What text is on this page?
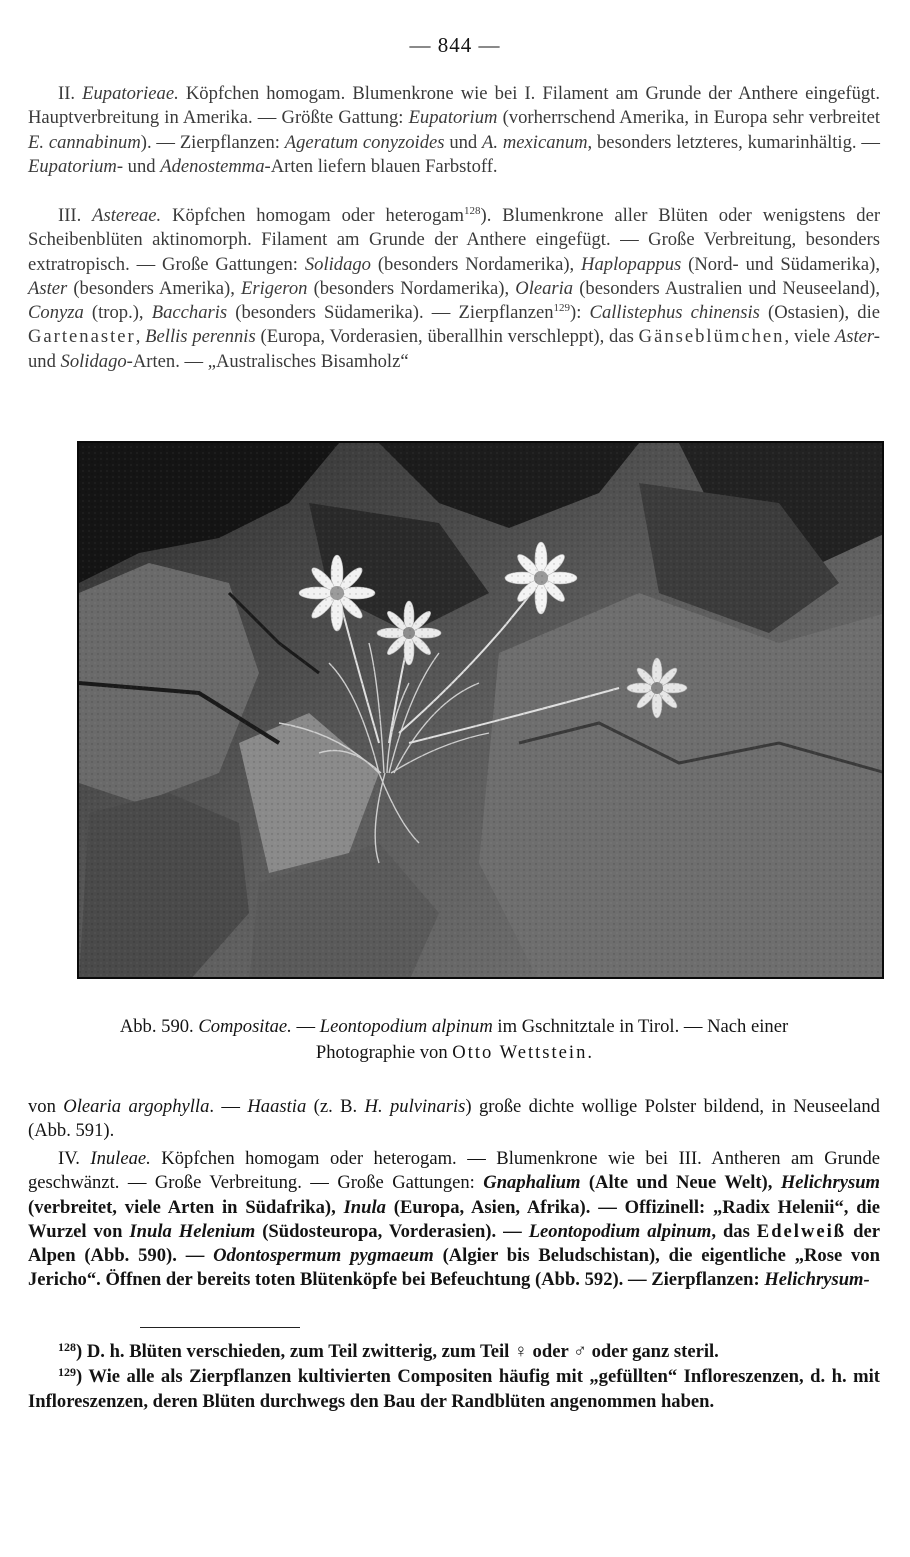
— 844 —

II. Eupatorieae. Köpfchen homogam. Blumenkrone wie bei I. Filament am Grunde der Anthere eingefügt. Hauptverbreitung in Amerika. — Größte Gattung: Eupatorium (vorherrschend Amerika, in Europa sehr verbreitet E. cannabinum). — Zierpflanzen: Ageratum conyzoides und A. mexicanum, besonders letzteres, kumarinhältig. — Eupatorium- und Adenostemma-Arten liefern blauen Farbstoff.

III. Astereae. Köpfchen homogam oder heterogam$^{128}$). Blumenkrone aller Blüten oder wenigstens der Scheibenblüten aktinomorph. Filament am Grunde der Anthere eingefügt. — Große Verbreitung, besonders extratropisch. — Große Gattungen: Solidago (besonders Nordamerika), Haplopappus (Nord- und Südamerika), Aster (besonders Amerika), Erigeron (besonders Nordamerika), Olearia (besonders Australien und Neuseeland), Conyza (trop.), Baccharis (besonders Südamerika). — Zierpflanzen$^{129}$): Callistephus chinensis (Ostasien), die Gartenaster, Bellis perennis (Europa, Vorderasien, überallhin verschleppt), das Gänseblümchen, viele Aster- und Solidago-Arten. — „Australisches Bisamholz“

Abb. 590. Compositae. — Leontopodium alpinum im Gschnitztale in Tirol. — Nach einer
Photographie von Otto Wettstein.

von Olearia argophylla. — Haastia (z. B. H. pulvinaris) große dichte wollige Polster bildend, in Neuseeland (Abb. 591).

IV. Inuleae. Köpfchen homogam oder heterogam. — Blumenkrone wie bei III. Antheren am Grunde geschwänzt. — Große Verbreitung. — Große Gattungen: Gnaphalium (Alte und Neue Welt), Helichrysum (verbreitet, viele Arten in Südafrika), Inula (Europa, Asien, Afrika). — Offizinell: „Radix Helenii“, die Wurzel von Inula Helenium (Südosteuropa, Vorderasien). — Leontopodium alpinum, das Edelweiß der Alpen (Abb. 590). — Odontospermum pygmaeum (Algier bis Beludschistan), die eigentliche „Rose von Jericho“. Öffnen der bereits toten Blütenköpfe bei Befeuchtung (Abb. 592). — Zierpflanzen: Helichrysum-

$^{128}$) D. h. Blüten verschieden, zum Teil zwitterig, zum Teil ♀ oder ♂ oder ganz steril.

$^{129}$) Wie alle als Zierpflanzen kultivierten Compositen häufig mit „gefüllten“ Infloreszenzen, d. h. mit Infloreszenzen, deren Blüten durchwegs den Bau der Randblüten angenommen haben.
